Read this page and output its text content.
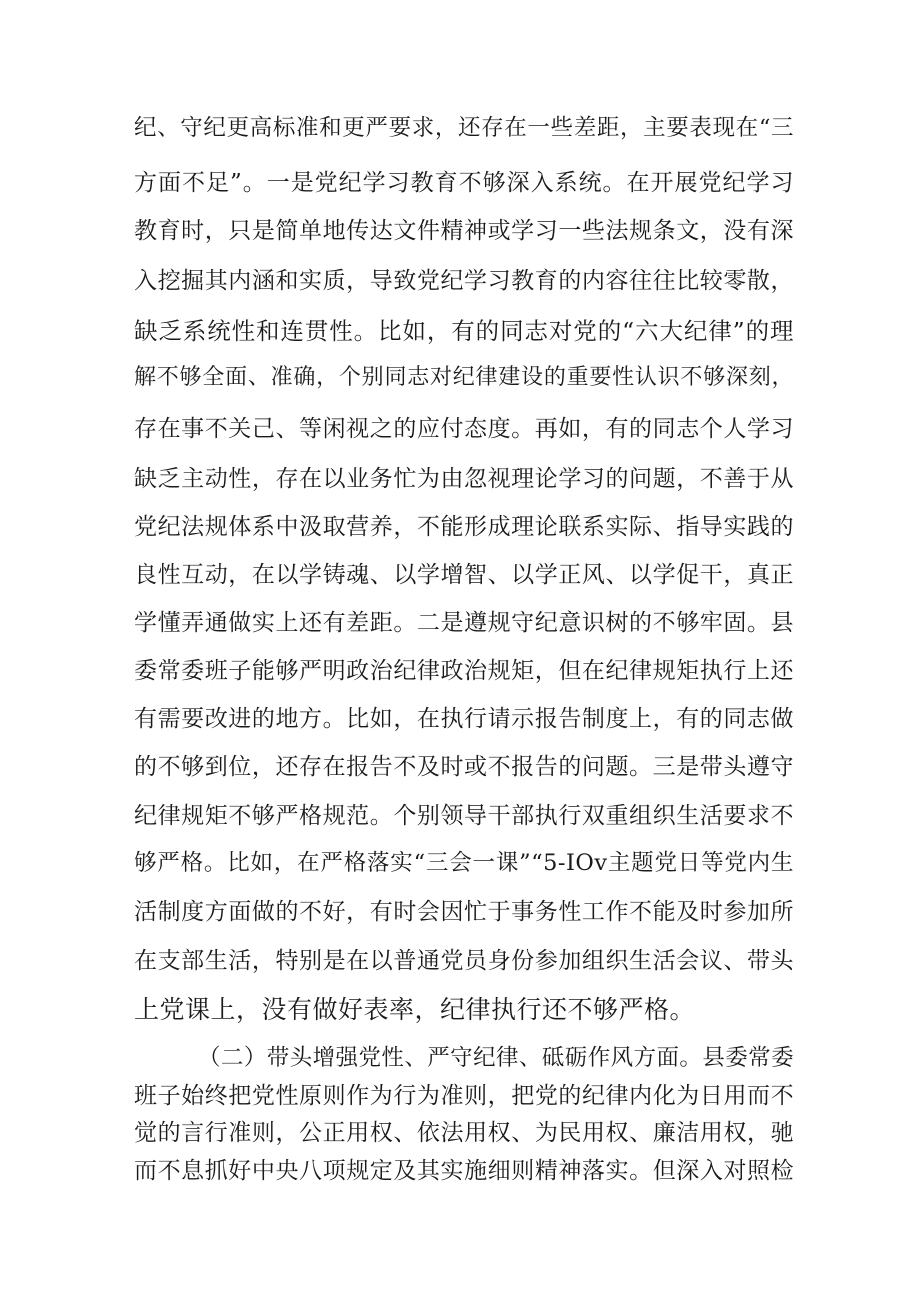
纪、守纪更高标准和更严要求，还存在一些差距，主要表现在“三
方面不足”。一是党纪学习教育不够深入系统。在开展党纪学习
教育时，只是简单地传达文件精神或学习一些法规条文，没有深
入挖掘其内涵和实质，导致党纪学习教育的内容往往比较零散，
缺乏系统性和连贯性。比如，有的同志对党的“六大纪律”的理
解不够全面、准确，个别同志对纪律建设的重要性认识不够深刻，
存在事不关己、等闲视之的应付态度。再如，有的同志个人学习
缺乏主动性，存在以业务忙为由忽视理论学习的问题，不善于从
党纪法规体系中汲取营养，不能形成理论联系实际、指导实践的
良性互动，在以学铸魂、以学增智、以学正风、以学促干，真正
学懂弄通做实上还有差距。二是遵规守纪意识树的不够牢固。县
委常委班子能够严明政治纪律政治规矩，但在纪律规矩执行上还
有需要改进的地方。比如，在执行请示报告制度上，有的同志做
的不够到位，还存在报告不及时或不报告的问题。三是带头遵守
纪律规矩不够严格规范。个别领导干部执行双重组织生活要求不
够严格。比如，在严格落实“三会一课”“5-IOv主题党日等党内生
活制度方面做的不好，有时会因忙于事务性工作不能及时参加所
在支部生活，特别是在以普通党员身份参加组织生活会议、带头
上党课上，没有做好表率，纪律执行还不够严格。
（二）带头增强党性、严守纪律、砥砺作风方面。县委常委
班子始终把党性原则作为行为准则，把党的纪律内化为日用而不
觉的言行准则，公正用权、依法用权、为民用权、廉洁用权，驰
而不息抓好中央八项规定及其实施细则精神落实。但深入对照检
